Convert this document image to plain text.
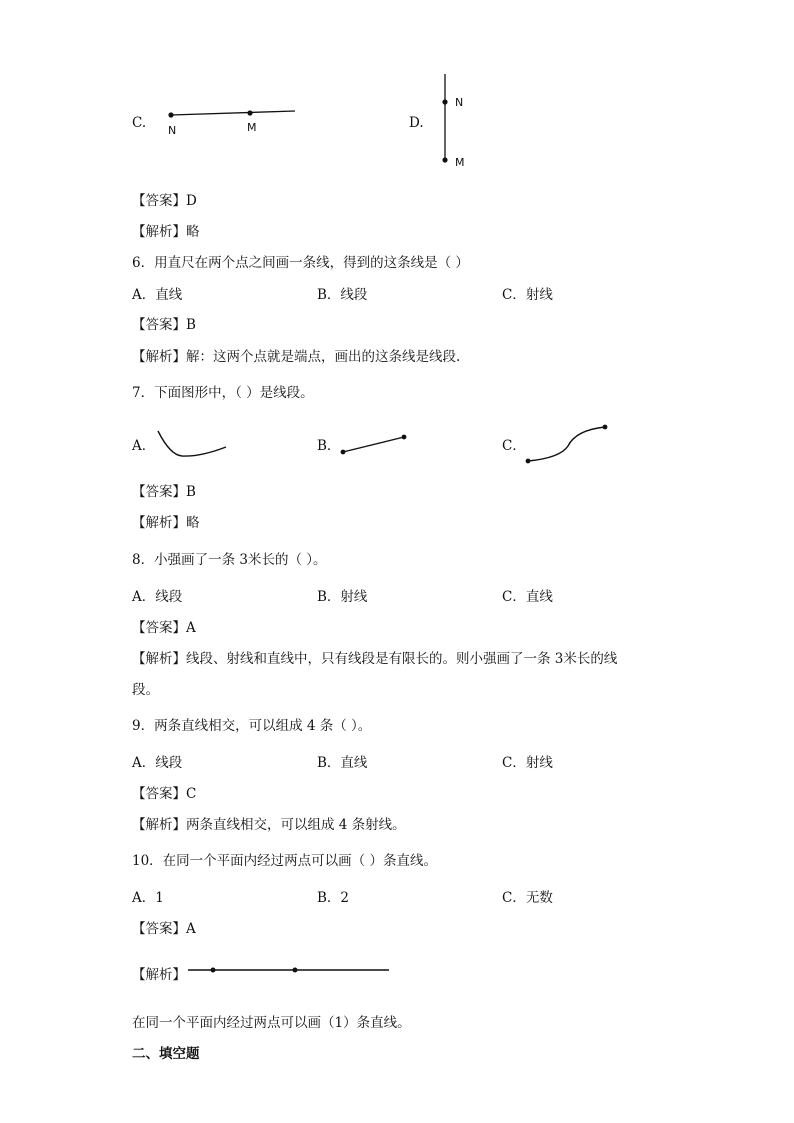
C. N	M	D.
N
M
【答案】D
【解析】略
6．用直尺在两个点之间画一条线，得到的这条线是（ ）
A．直线	B．线段	C．射线
【答案】B
【解析】解：这两个点就是端点，画出的这条线是线段.
7．下面图形中，（ ）是线段。
A．	B．	C．
【答案】B
【解析】略
8．小强画了一条 3米长的（ ）。
A．线段	B．射线	C．直线
【答案】A
【解析】线段、射线和直线中，只有线段是有限长的。则小强画了一条 3米长的线
段。
9．两条直线相交，可以组成 4 条（ ）。
A．线段	B．直线	C．射线
【答案】C
【解析】两条直线相交，可以组成 4 条射线。
10．在同一个平面内经过两点可以画（ ）条直线。
A．1	B．2	C．无数
【答案】A
【解析】
在同一个平面内经过两点可以画（1）条直线。
二、填空题
